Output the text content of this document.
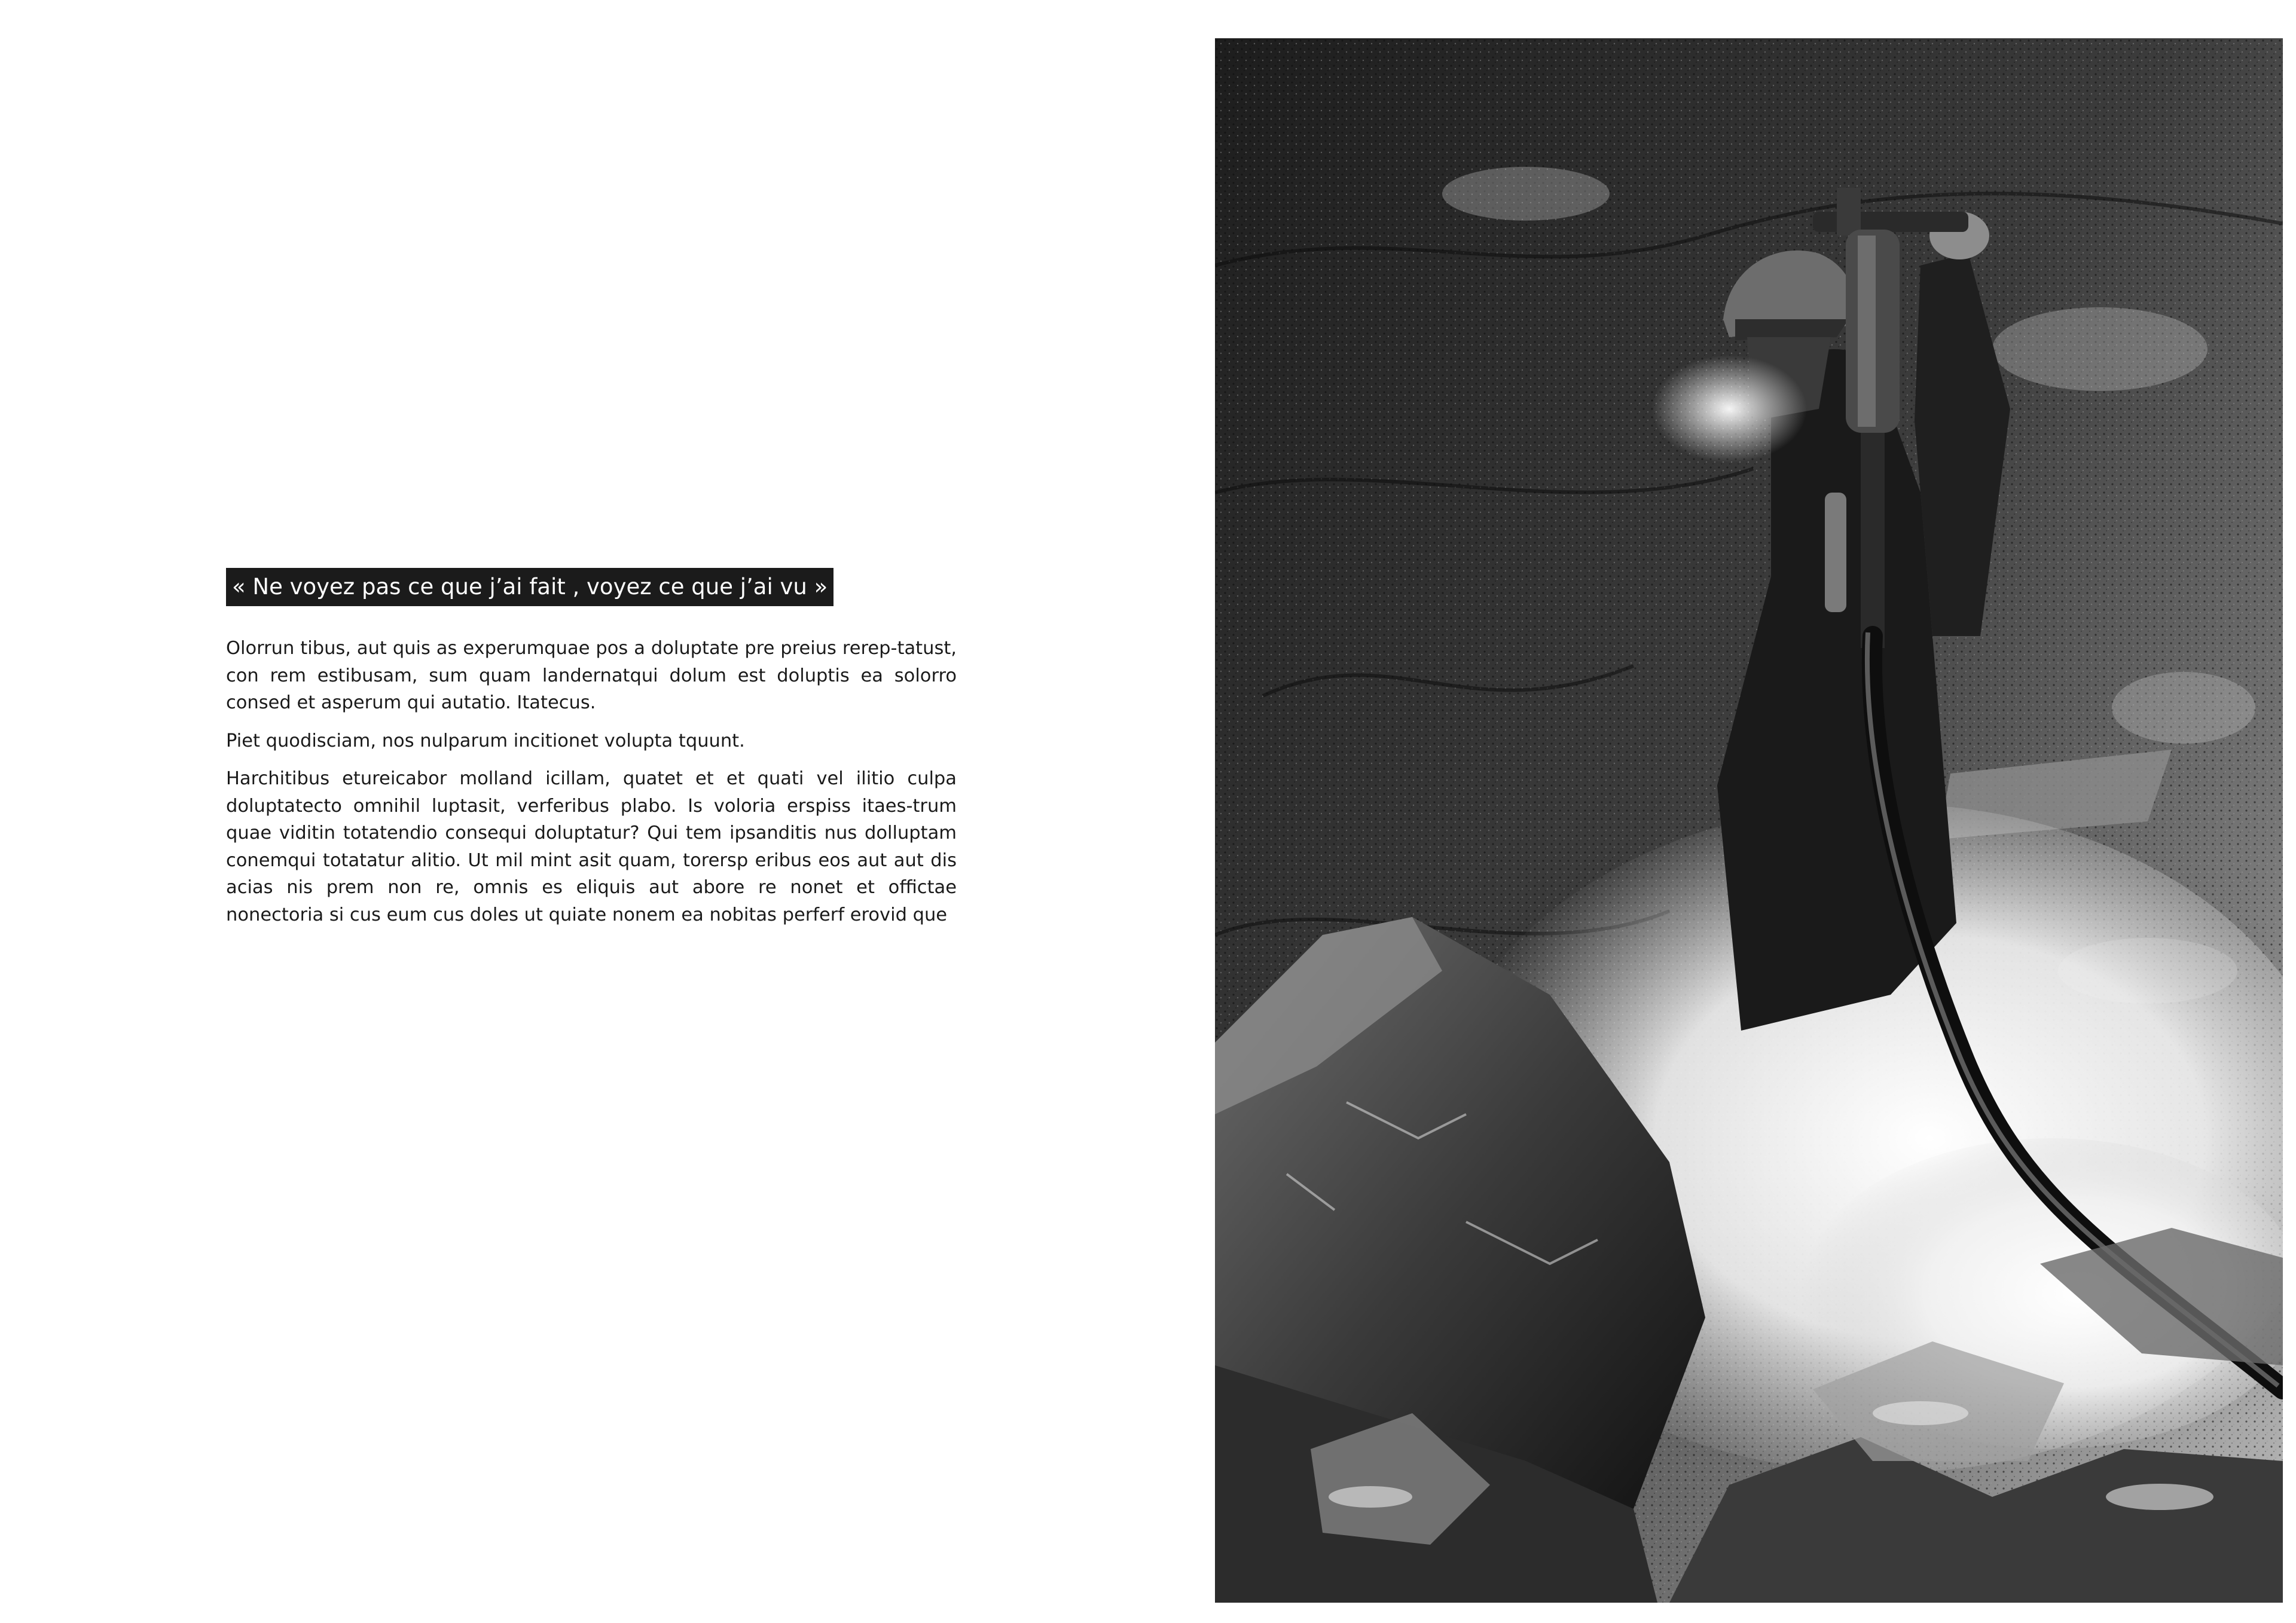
« Ne voyez pas ce que j’ai fait , voyez ce que j’ai vu »

Olorrun tibus, aut quis as experumquae pos a doluptate pre preius rerep-tatust, con rem estibusam, sum quam landernatqui dolum est doluptis ea solorro consed et asperum qui autatio. Itatecus.

Piet quodisciam, nos nulparum incitionet volupta tquunt.

Harchitibus etureicabor molland icillam, quatet et et quati vel ilitio culpa doluptatecto omnihil luptasit, verferibus plabo. Is voloria erspiss itaes-trum quae viditin totatendio consequi doluptatur? Qui tem ipsanditis nus dolluptam conemqui totatatur alitio. Ut mil mint asit quam, torersp eribus eos aut aut dis acias nis prem non re, omnis es eliquis aut abore re nonet et offictae nonectoria si cus eum cus doles ut quiate nonem ea nobitas perferf erovid que
